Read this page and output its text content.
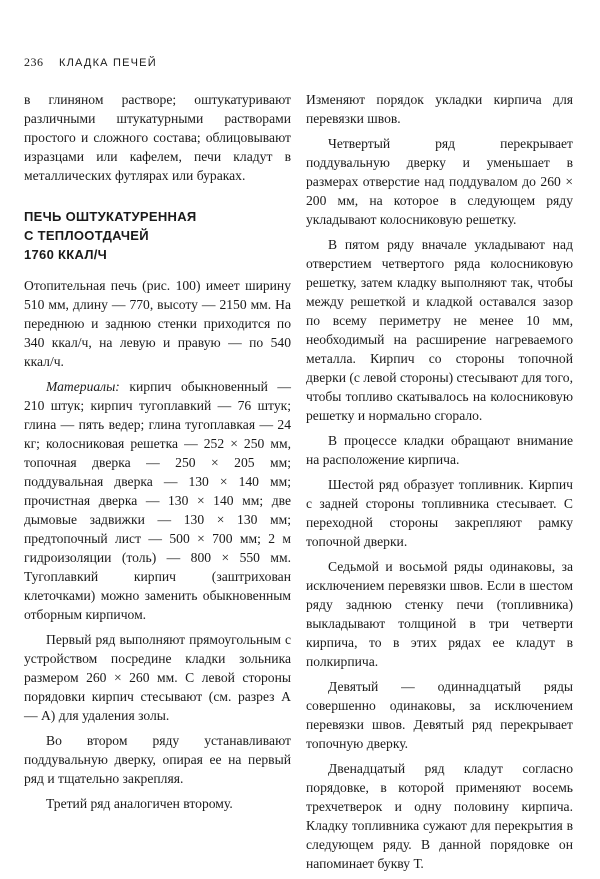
236 КЛАДКА ПЕЧЕЙ

в глиняном растворе; оштукатуривают различными штукатурными растворами простого и сложного состава; облицовывают изразцами или кафелем, печи кладут в металлических футлярах или бураках.

ПЕЧЬ ОШТУКАТУРЕННАЯ
С ТЕПЛООТДАЧЕЙ
1760 ККАЛ/Ч

Отопительная печь (рис. 100) имеет ширину 510 мм, длину — 770, высоту — 2150 мм. На переднюю и заднюю стенки приходится по 340 ккал/ч, на левую и правую — по 540 ккал/ч.

Материалы: кирпич обыкновенный — 210 штук; кирпич тугоплавкий — 76 штук; глина — пять ведер; глина тугоплавкая — 24 кг; колосниковая решетка — 252 × 250 мм, топочная дверка — 250 × 205 мм; поддувальная дверка — 130 × 140 мм; прочистная дверка — 130 × 140 мм; две дымовые задвижки — 130 × 130 мм; предтопочный лист — 500 × 700 мм; 2 м гидроизоляции (толь) — 800 × 550 мм. Тугоплавкий кирпич (заштрихован клеточками) можно заменить обыкновенным отборным кирпичом.

Первый ряд выполняют прямоугольным с устройством посредине кладки зольника размером 260 × 260 мм. С левой стороны порядовки кирпич стесывают (см. разрез А — А) для удаления золы.

Во втором ряду устанавливают поддувальную дверку, опирая ее на первый ряд и тщательно закрепляя.

Третий ряд аналогичен второму.

Изменяют порядок укладки кирпича для перевязки швов.

Четвертый ряд перекрывает поддувальную дверку и уменьшает в размерах отверстие над поддувалом до 260 × 200 мм, на которое в следующем ряду укладывают колосниковую решетку.

В пятом ряду вначале укладывают над отверстием четвертого ряда колосниковую решетку, затем кладку выполняют так, чтобы между решеткой и кладкой оставался зазор по всему периметру не менее 10 мм, необходимый на расширение нагреваемого металла. Кирпич со стороны топочной дверки (с левой стороны) стесывают для того, чтобы топливо скатывалось на колосниковую решетку и нормально сгорало.

В процессе кладки обращают внимание на расположение кирпича.

Шестой ряд образует топливник. Кирпич с задней стороны топливника стесывает. С переходной стороны закрепляют рамку топочной дверки.

Седьмой и восьмой ряды одинаковы, за исключением перевязки швов. Если в шестом ряду заднюю стенку печи (топливника) выкладывают толщиной в три четверти кирпича, то в этих рядах ее кладут в полкирпича.

Девятый — одиннадцатый ряды совершенно одинаковы, за исключением перевязки швов. Девятый ряд перекрывает топочную дверку.

Двенадцатый ряд кладут согласно порядовке, в которой применяют восемь трехчетверок и одну половину кирпича. Кладку топливника сужают для перекрытия в следующем ряду. В данной порядовке он напоминает букву Т.
